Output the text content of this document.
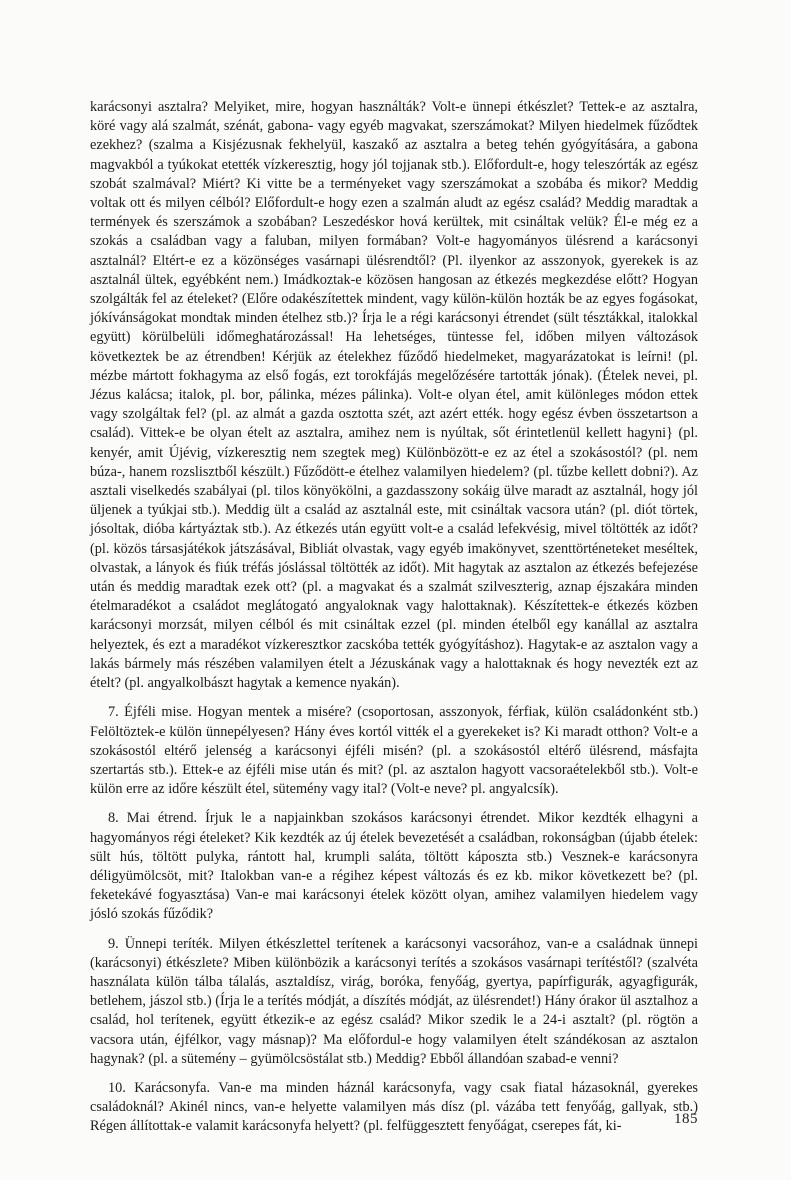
karácsonyi asztalra? Melyiket, mire, hogyan használták? Volt-e ünnepi étkészlet? Tettek-e az asztalra, köré vagy alá szalmát, szénát, gabona- vagy egyéb magvakat, szerszámokat? Milyen hiedelmek fűződtek ezekhez? (szalma a Kisjézusnak fekhelyül, kaszakő az asztalra a beteg tehén gyógyítására, a gabona magvakból a tyúkokat etették vízkeresztig, hogy jól tojjanak stb.). Előfordult-e, hogy teleszórták az egész szobát szalmával? Miért? Ki vitte be a terményeket vagy szerszámokat a szobába és mikor? Meddig voltak ott és milyen célból? Előfordult-e hogy ezen a szalmán aludt az egész család? Meddig maradtak a termények és szerszámok a szobában? Leszedéskor hová kerültek, mit csináltak velük? Él-e még ez a szokás a családban vagy a faluban, milyen formában? Volt-e hagyományos ülésrend a karácsonyi asztalnál? Eltért-e ez a közönséges vasárnapi ülésrendtől? (Pl. ilyenkor az asszonyok, gyerekek is az asztalnál ültek, egyébként nem.) Imádkoztak-e közösen hangosan az étkezés megkezdése előtt? Hogyan szolgálták fel az ételeket? (Előre odakészítettek mindent, vagy külön-külön hozták be az egyes fogásokat, jókívánságokat mondtak minden ételhez stb.)? Írja le a régi karácsonyi étrendet (sült tésztákkal, italokkal együtt) körülbelüli időmeghatározással! Ha lehetséges, tüntesse fel, időben milyen változások következtek be az étrendben! Kérjük az ételekhez fűződő hiedelmeket, magyarázatokat is leírni! (pl. mézbe mártott fokhagyma az első fogás, ezt torokfájás megelőzésére tartották jónak). (Ételek nevei, pl. Jézus kalácsa; italok, pl. bor, pálinka, mézes pálinka). Volt-e olyan étel, amit különleges módon ettek vagy szolgáltak fel? (pl. az almát a gazda osztotta szét, azt azért ették. hogy egész évben összetartson a család). Vittek-e be olyan ételt az asztalra, amihez nem is nyúltak, sőt érintetlenül kellett hagyni} (pl. kenyér, amit Újévig, vízkeresztig nem szegtek meg) Különbözött-e ez az étel a szokásostól? (pl. nem búza-, hanem rozslisztből készült.) Fűződött-e ételhez valamilyen hiedelem? (pl. tűzbe kellett dobni?). Az asztali viselkedés szabályai (pl. tilos könyökölni, a gazdasszony sokáig ülve maradt az asztalnál, hogy jól üljenek a tyúkjai stb.). Meddig ült a család az asztalnál este, mit csináltak vacsora után? (pl. diót törtek, jósoltak, dióba kártyáztak stb.). Az étkezés után együtt volt-e a család lefekvésig, mivel töltötték az időt? (pl. közös társasjátékok játszásával, Bibliát olvastak, vagy egyéb imakönyvet, szenttörténeteket meséltek, olvastak, a lányok és fiúk tréfás jóslással töltötték az időt). Mit hagytak az asztalon az étkezés befejezése után és meddig maradtak ezek ott? (pl. a magvakat és a szalmát szilveszterig, aznap éjszakára minden ételmaradékot a családot meglátogató angyaloknak vagy halottaknak). Készítettek-e étkezés közben karácsonyi morzsát, milyen célból és mit csináltak ezzel (pl. minden ételből egy kanállal az asztalra helyeztek, és ezt a maradékot vízkeresztkor zacskóba tették gyógyításhoz). Hagytak-e az asztalon vagy a lakás bármely más részében valamilyen ételt a Jézuskának vagy a halottaknak és hogy nevezték ezt az ételt? (pl. angyalkolbászt hagytak a kemence nyakán).

7. Éjféli mise. Hogyan mentek a misére? (csoportosan, asszonyok, férfiak, külön családonként stb.) Felöltöztek-e külön ünnepélyesen? Hány éves kortól vitték el a gyerekeket is? Ki maradt otthon? Volt-e a szokásostól eltérő jelenség a karácsonyi éjféli misén? (pl. a szokásostól eltérő ülésrend, másfajta szertartás stb.). Ettek-e az éjféli mise után és mit? (pl. az asztalon hagyott vacsoraételekből stb.). Volt-e külön erre az időre készült étel, sütemény vagy ital? (Volt-e neve? pl. angyalcsík).

8. Mai étrend. Írjuk le a napjainkban szokásos karácsonyi étrendet. Mikor kezdték elhagyni a hagyományos régi ételeket? Kik kezdték az új ételek bevezetését a családban, rokonságban (újabb ételek: sült hús, töltött pulyka, rántott hal, krumpli saláta, töltött káposzta stb.) Vesznek-e karácsonyra déligyümölcsöt, mit? Italokban van-e a régihez képest változás és ez kb. mikor következett be? (pl. feketekávé fogyasztása) Van-e mai karácsonyi ételek között olyan, amihez valamilyen hiedelem vagy jósló szokás fűződik?

9. Ünnepi teríték. Milyen étkészlettel terítenek a karácsonyi vacsorához, van-e a családnak ünnepi (karácsonyi) étkészlete? Miben különbözik a karácsonyi terítés a szokásos vasárnapi terítéstől? (szalvéta használata külön tálba tálalás, asztaldísz, virág, boróka, fenyőág, gyertya, papírfigurák, agyagfigurák, betlehem, jászol stb.) (Írja le a terítés módját, a díszítés módját, az ülésrendet!) Hány órakor ül asztalhoz a család, hol terítenek, együtt étkezik-e az egész család? Mikor szedik le a 24-i asztalt? (pl. rögtön a vacsora után, éjfélkor, vagy másnap)? Ma előfordul-e hogy valamilyen ételt szándékosan az asztalon hagynak? (pl. a sütemény – gyümölcsöstálat stb.) Meddig? Ebből állandóan szabad-e venni?

10. Karácsonyfa. Van-e ma minden háznál karácsonyfa, vagy csak fiatal házasoknál, gyerekes családoknál? Akinél nincs, van-e helyette valamilyen más dísz (pl. vázába tett fenyőág, gallyak, stb.) Régen állítottak-e valamit karácsonyfa helyett? (pl. felfüggesztett fenyőágat, cserepes fát, ki-	185
